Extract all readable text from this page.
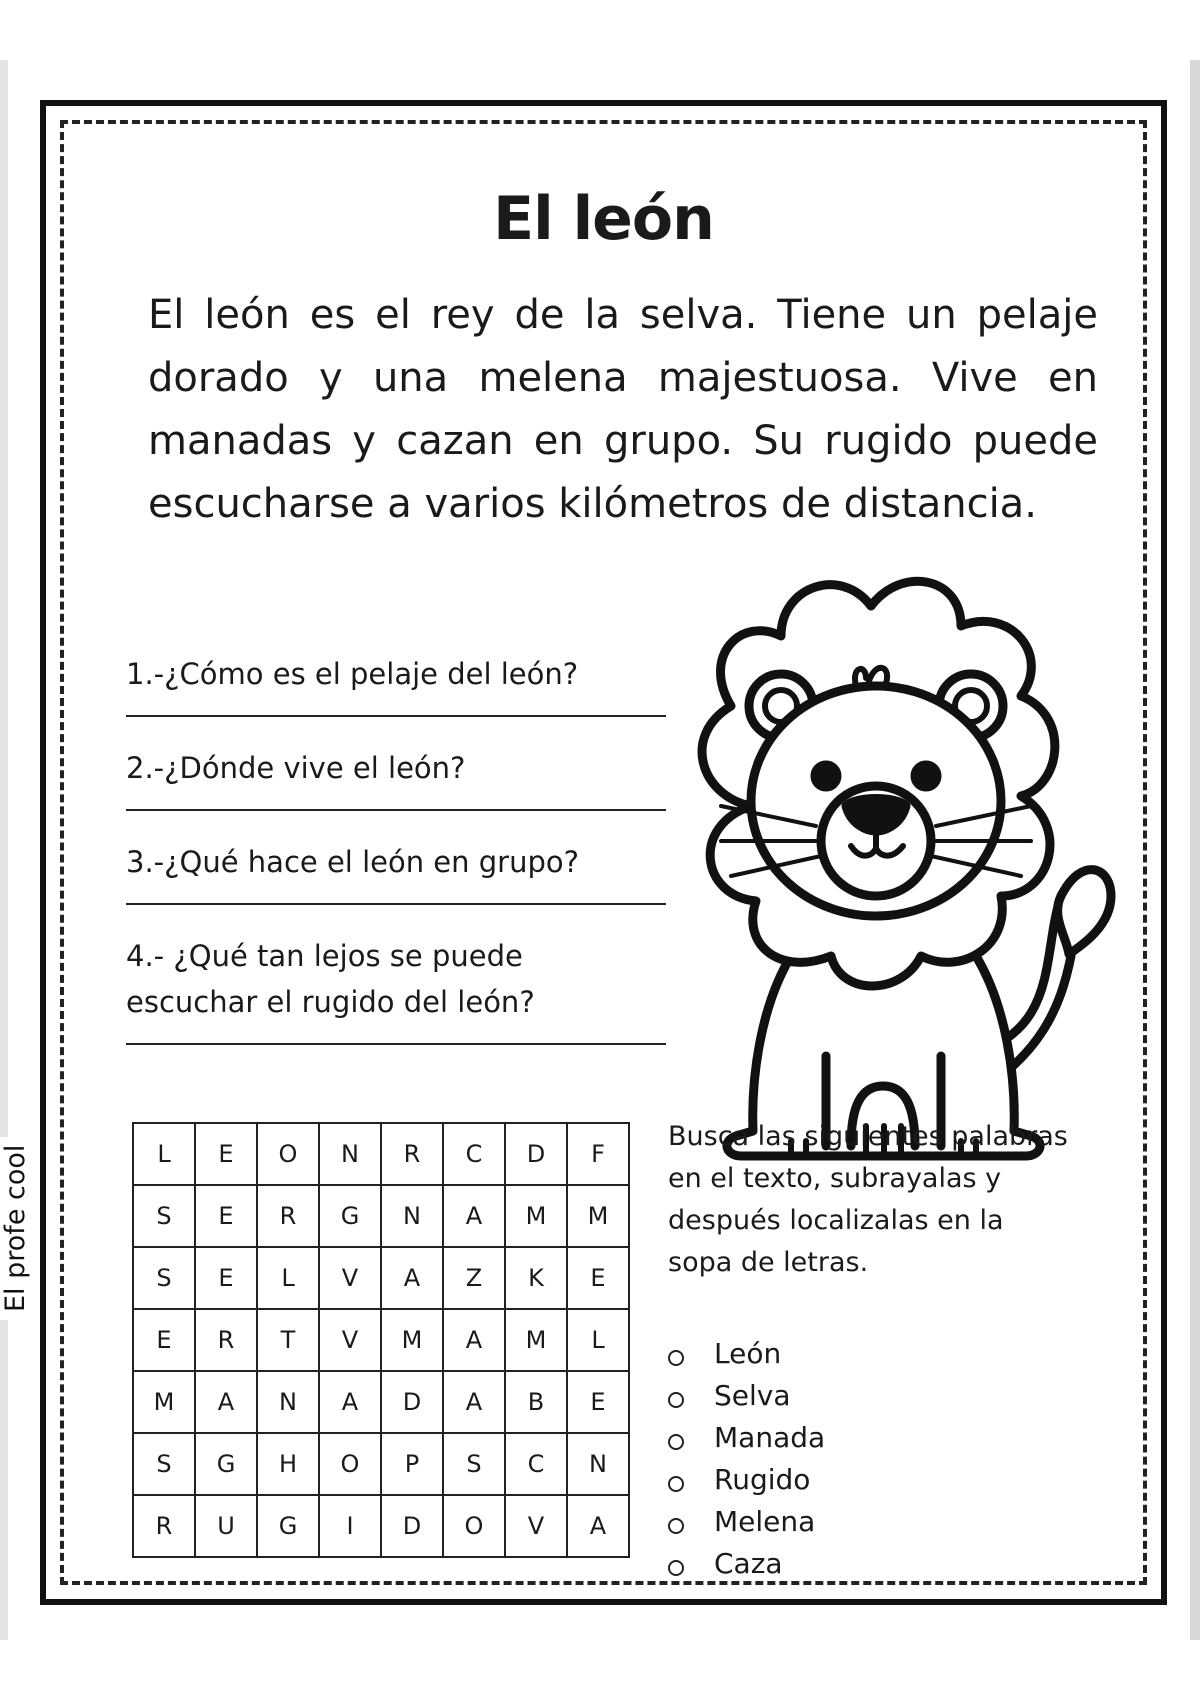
El león

El león es el rey de la selva. Tiene un pelaje dorado y una melena majestuosa. Vive en manadas y cazan en grupo. Su rugido puede escucharse a varios kilómetros de distancia.

1.-¿Cómo es el pelaje del león?
2.-¿Dónde vive el león?
3.-¿Qué hace el león en grupo?
4.- ¿Qué tan lejos se puede escuchar el rugido del león?
L	E	O	N	R	C	D	F
S	E	R	G	N	A	M	M
S	E	L	V	A	Z	K	E
E	R	T	V	M	A	M	L
M	A	N	A	D	A	B	E
S	G	H	O	P	S	C	N
R	U	G	I	D	O	V	A

Busca las siguientes palabras en el texto, subrayalas y después localizalas en la sopa de letras.

León
Selva
Manada
Rugido
Melena
Caza
El profe cool
